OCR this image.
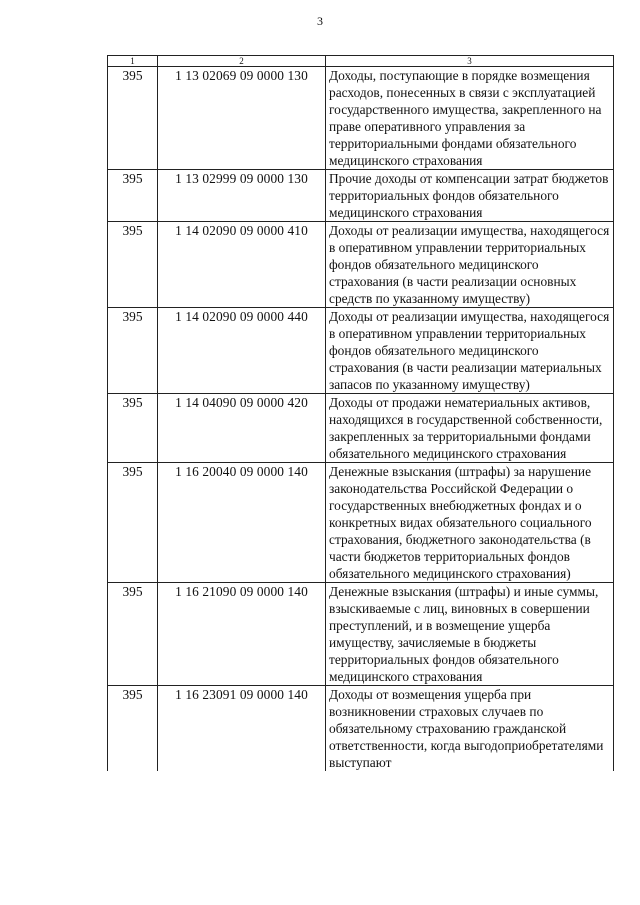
3
1	2	3
395	1 13 02069 09 0000 130	Доходы, поступающие в порядке возмещения расходов, понесенных в связи с эксплуатацией государственного имущества, закрепленного на праве оперативного управления за территориальными фондами обязательного медицинского страхования
395	1 13 02999 09 0000 130	Прочие доходы от компенсации затрат бюджетов территориальных фондов обязательного медицинского страхования
395	1 14 02090 09 0000 410	Доходы от реализации имущества, находящегося в оперативном управлении территориальных фондов обязательного медицинского страхования (в части реализации основных средств по указанному имуществу)
395	1 14 02090 09 0000 440	Доходы от реализации имущества, находящегося в оперативном управлении территориальных фондов обязательного медицинского страхования (в части реализации материальных запасов по указанному имуществу)
395	1 14 04090 09 0000 420	Доходы от продажи нематериальных активов, находящихся в государственной собственности, закрепленных за территориальными фондами обязательного медицинского страхования
395	1 16 20040 09 0000 140	Денежные взыскания (штрафы) за нарушение законодательства Российской Федерации о государственных внебюджетных фондах и о конкретных видах обязательного социального страхования, бюджетного законодательства (в части бюджетов территориальных фондов обязательного медицинского страхования)
395	1 16 21090 09 0000 140	Денежные взыскания (штрафы) и иные суммы, взыскиваемые с лиц, виновных в совершении преступлений, и в возмещение ущерба имуществу, зачисляемые в бюджеты территориальных фондов обязательного медицинского страхования
395	1 16 23091 09 0000 140	Доходы от возмещения ущерба при возникновении страховых случаев по обязательному страхованию гражданской ответственности, когда выгодоприобретателями выступают
